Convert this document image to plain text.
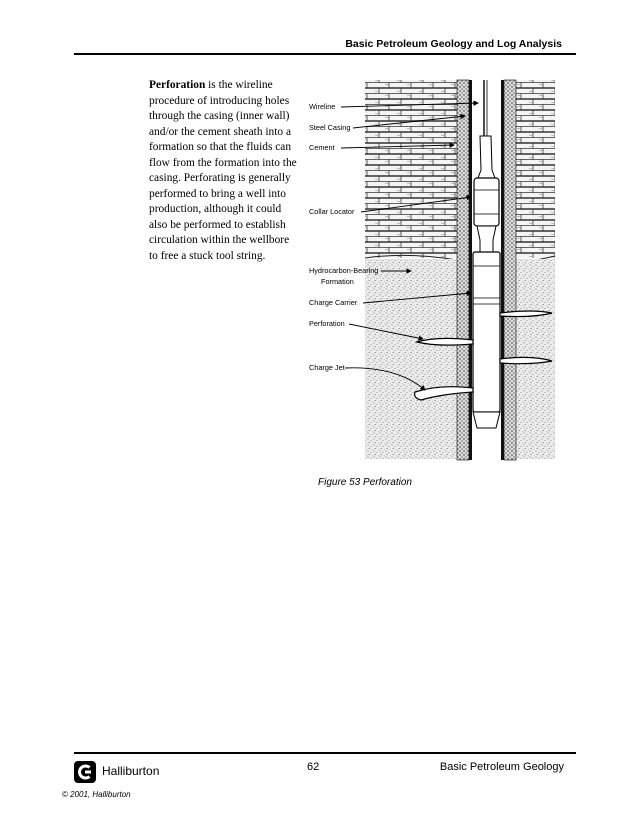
Basic Petroleum Geology and Log Analysis
Perforation is the wireline procedure of introducing holes through the casing (inner wall) and/or the cement sheath into a formation so that the fluids can flow from the formation into the casing. Perforating is generally performed to bring a well into production, although it could also be performed to establish circulation within the wellbore to free a stuck tool string.
Wireline
Steel Casing
Cement
Collar Locator
Hydrocarbon-Bearing
Formation
Charge Carrier
Perforation
Charge Jet
Figure 53 Perforation
Halliburton	62	Basic Petroleum Geology
© 2001, Halliburton
